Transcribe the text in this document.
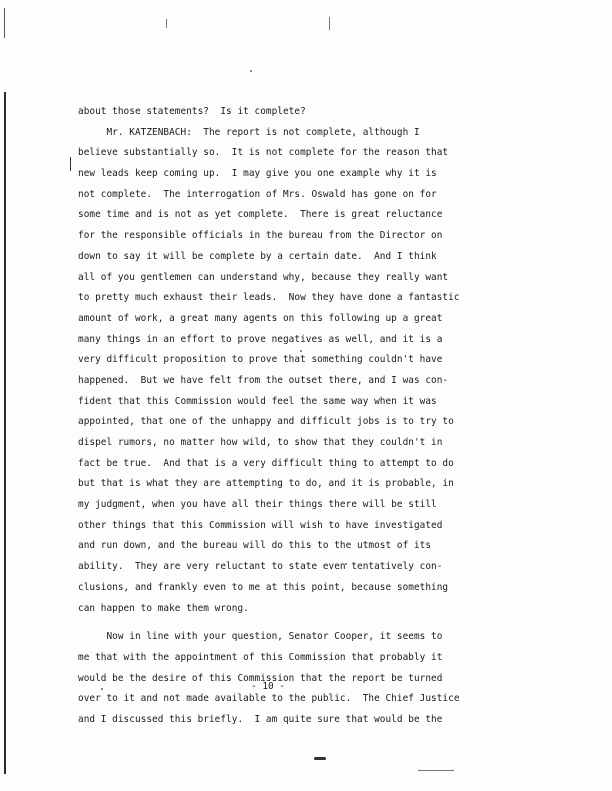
about those statements?  Is it complete?
Mr. KATZENBACH:  The report is not complete, although I
believe substantially so.  It is not complete for the reason that
new leads keep coming up.  I may give you one example why it is
not complete.  The interrogation of Mrs. Oswald has gone on for
some time and is not as yet complete.  There is great reluctance
for the responsible officials in the bureau from the Director on
down to say it will be complete by a certain date.  And I think
all of you gentlemen can understand why, because they really want
to pretty much exhaust their leads.  Now they have done a fantastic
amount of work, a great many agents on this following up a great
many things in an effort to prove negatives as well, and it is a
very difficult proposition to prove that something couldn't have
happened.  But we have felt from the outset there, and I was con-
fident that this Commission would feel the same way when it was
appointed, that one of the unhappy and difficult jobs is to try to
dispel rumors, no matter how wild, to show that they couldn't in
fact be true.  And that is a very difficult thing to attempt to do
but that is what they are attempting to do, and it is probable, in
my judgment, when you have all their things there will be still
other things that this Commission will wish to have investigated
and run down, and the bureau will do this to the utmost of its
ability.  They are very reluctant to state even tentatively con-
clusions, and frankly even to me at this point, because something
can happen to make them wrong.
Now in line with your question, Senator Cooper, it seems to
me that with the appointment of this Commission that probably it
would be the desire of this Commission that the report be turned
over to it and not made available to the public.  The Chief Justice
and I discussed this briefly.  I am quite sure that would be the
- 10 -
